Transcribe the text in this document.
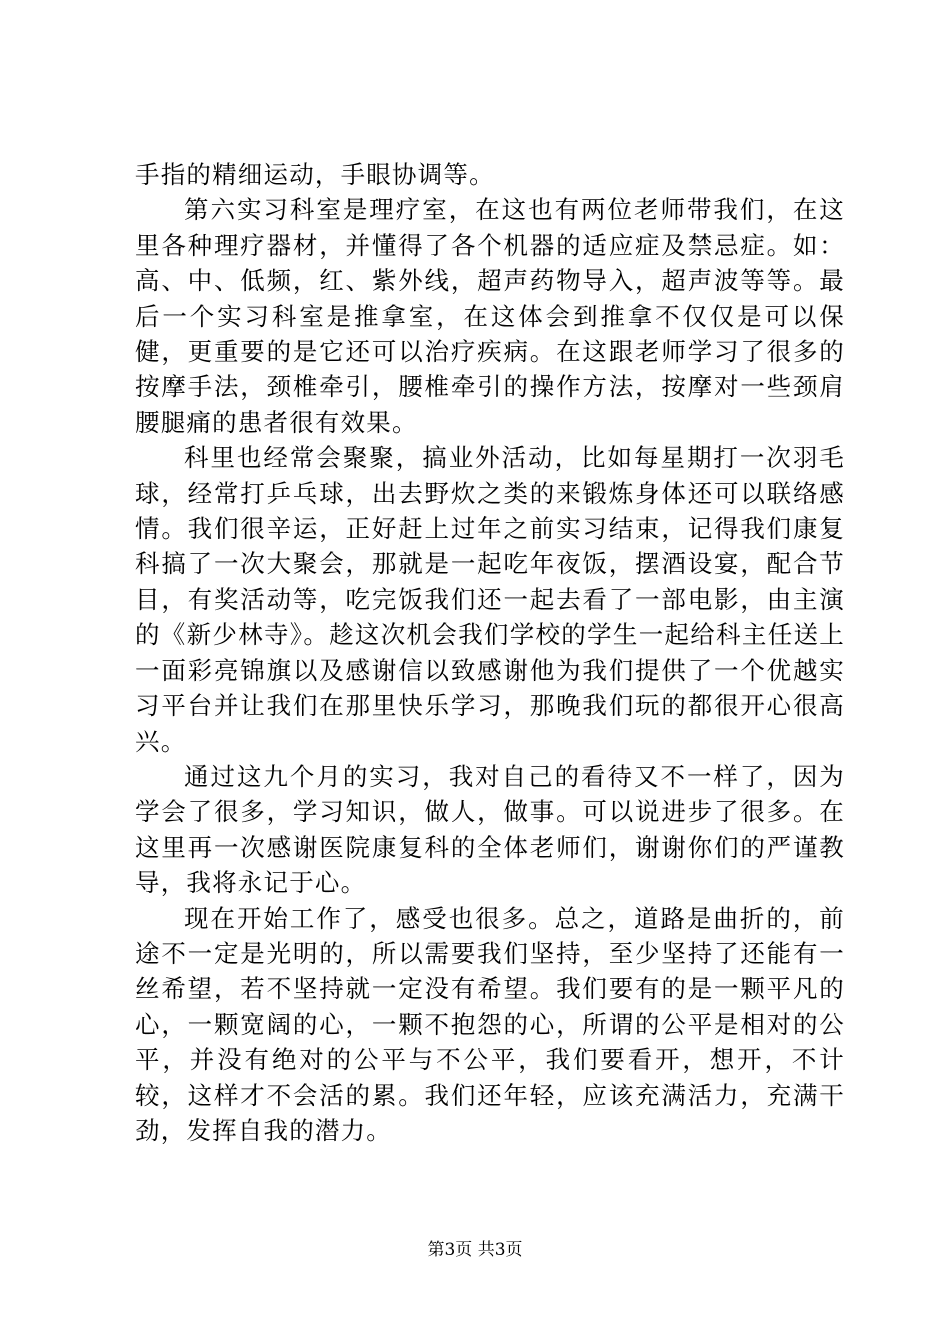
手指的精细运动，手眼协调等。

第六实习科室是理疗室，在这也有两位老师带我们，在这里各种理疗器材，并懂得了各个机器的适应症及禁忌症。如：高、中、低频，红、紫外线，超声药物导入，超声波等等。最后一个实习科室是推拿室，在这体会到推拿不仅仅是可以保健，更重要的是它还可以治疗疾病。在这跟老师学习了很多的按摩手法，颈椎牵引，腰椎牵引的操作方法，按摩对一些颈肩腰腿痛的患者很有效果。

科里也经常会聚聚，搞业外活动，比如每星期打一次羽毛球，经常打乒乓球，出去野炊之类的来锻炼身体还可以联络感情。我们很辛运，正好赶上过年之前实习结束，记得我们康复科搞了一次大聚会，那就是一起吃年夜饭，摆酒设宴，配合节目，有奖活动等，吃完饭我们还一起去看了一部电影，由主演的《新少林寺》。趁这次机会我们学校的学生一起给科主任送上一面彩亮锦旗以及感谢信以致感谢他为我们提供了一个优越实习平台并让我们在那里快乐学习，那晚我们玩的都很开心很高兴。

通过这九个月的实习，我对自己的看待又不一样了，因为学会了很多，学习知识，做人，做事。可以说进步了很多。在这里再一次感谢医院康复科的全体老师们，谢谢你们的严谨教导，我将永记于心。

现在开始工作了，感受也很多。总之，道路是曲折的，前途不一定是光明的，所以需要我们坚持，至少坚持了还能有一丝希望，若不坚持就一定没有希望。我们要有的是一颗平凡的心，一颗宽阔的心，一颗不抱怨的心，所谓的公平是相对的公平，并没有绝对的公平与不公平，我们要看开，想开，不计较，这样才不会活的累。我们还年轻，应该充满活力，充满干劲，发挥自我的潜力。

第3页 共3页
